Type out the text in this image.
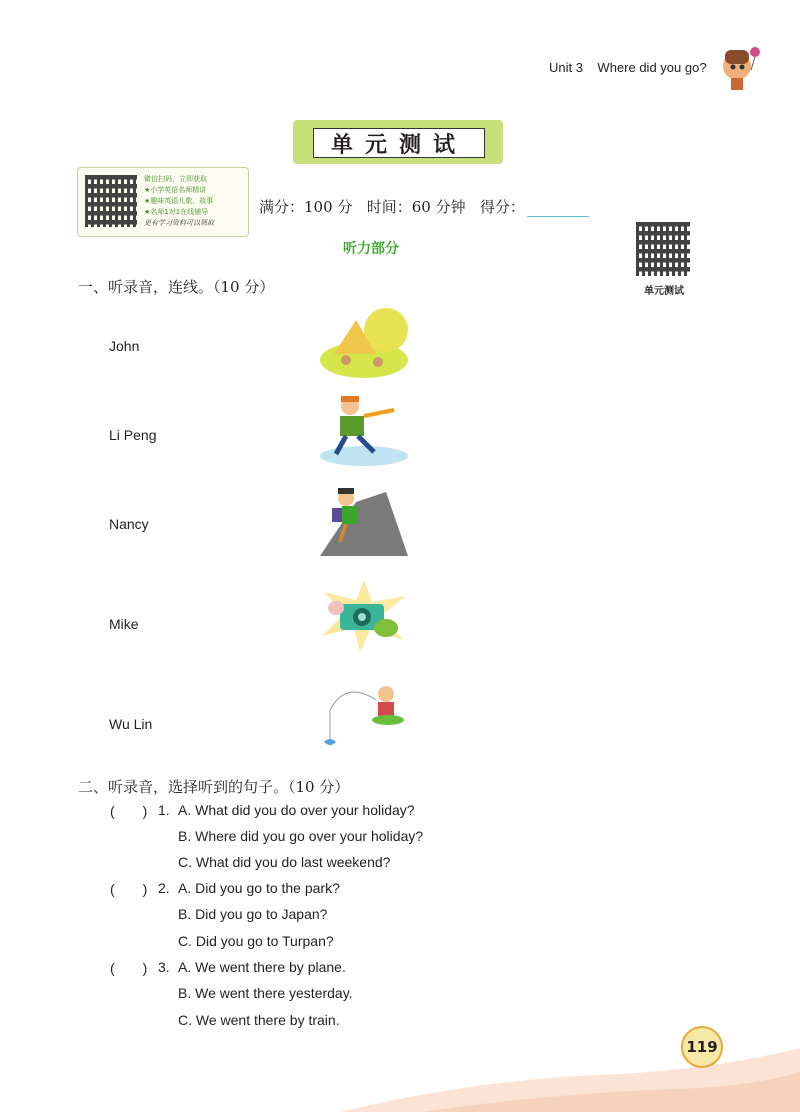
Unit 3 Where did you go?
单元测试
微信扫码，立即获取
★小学英语名师精讲
★趣味英语儿歌、故事
★名师1对1在线辅导
更有学习资料可以领取
满分：100 分 时间：60 分钟 得分：
单元测试
听力部分
一、听录音，连线。（10 分）
John
Li Peng
Nancy
Mike
Wu Lin
二、听录音，选择听到的句子。（10 分）
(　　) 1. A. What did you do over your holiday?
B. Where did you go over your holiday?
C. What did you do last weekend?
(　　) 2. A. Did you go to the park?
B. Did you go to Japan?
C. Did you go to Turpan?
(　　) 3. A. We went there by plane.
B. We went there yesterday.
C. We went there by train.
119
